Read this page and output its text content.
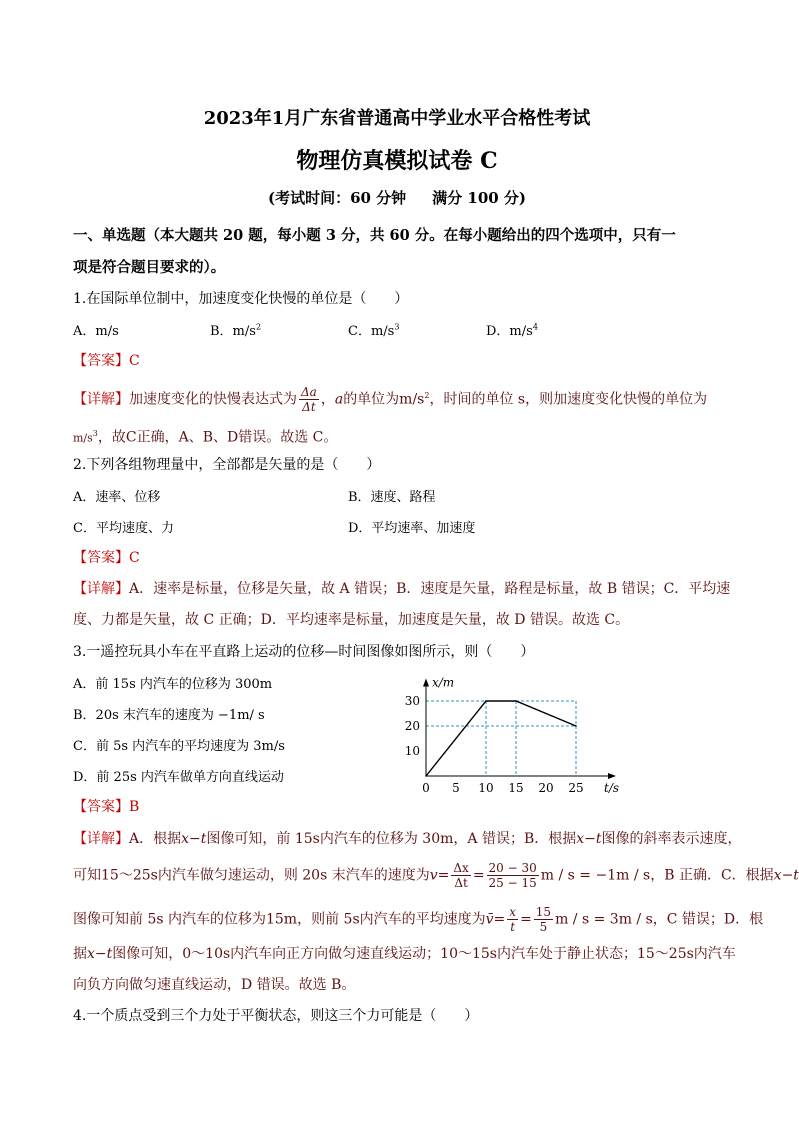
2023年1月广东省普通高中学业水平合格性考试
物理仿真模拟试卷 C
(考试时间：60 分钟 满分 100 分)
一、单选题（本大题共 20 题，每小题 3 分，共 60 分。在每小题给出的四个选项中，只有一
项是符合题目要求的）。
1.在国际单位制中，加速度变化快慢的单位是（　　）
A．m/s	B．$m/s^2$	C．$m/s^3$	D．$m/s^4$
【答案】C
【详解】加速度变化的快慢表达式为 $\frac{\Delta a}{\Delta t}$ ，a的单位为$m/s^2$，时间的单位 s，则加速度变化快慢的单位为
$m/s^3$，故C正确，A、B、D错误。故选 C。
2.下列各组物理量中，全部都是矢量的是（　　）
A．速率、位移	B．速度、路程
C．平均速度、力	D．平均速率、加速度
【答案】C
【详解】A．速率是标量，位移是矢量，故 A 错误；B．速度是矢量，路程是标量，故 B 错误；C．平均速
度、力都是矢量，故 C 正确；D．平均速率是标量，加速度是矢量，故 D 错误。故选 C。
3.一遥控玩具小车在平直路上运动的位移—时间图像如图所示，则（　　）
A．前 15s 内汽车的位移为 300m
B．20s 末汽车的速度为 −1m/ s
C．前 5s 内汽车的平均速度为 3m/s
D．前 25s 内汽车做单方向直线运动
0 5 10 15 20 25
10
20
30
x/m
t/s
【答案】B
【详解】A．根据x−t图像可知，前 15s内汽车的位移为 30m，A 错误；B．根据x−t图像的斜率表示速度，
可知15～25s内汽车做匀速运动，则 20s 末汽车的速度为$v= \frac{\Delta x}{\Delta t} = \frac{20 - 30}{25 - 15}$ m / s = −1m / s，B 正确．C．根据x−t
图像可知前 5s 内汽车的位移为15m，则前 5s内汽车的平均速度为v̄= $\frac{x}{t} = \frac{15}{5}$ m / s = 3m / s，C 错误；D．根
据x−t图像可知，0～10s内汽车向正方向做匀速直线运动；10～15s内汽车处于静止状态；15～25s内汽车
向负方向做匀速直线运动，D 错误。故选 B。
4.一个质点受到三个力处于平衡状态，则这三个力可能是（　　）
